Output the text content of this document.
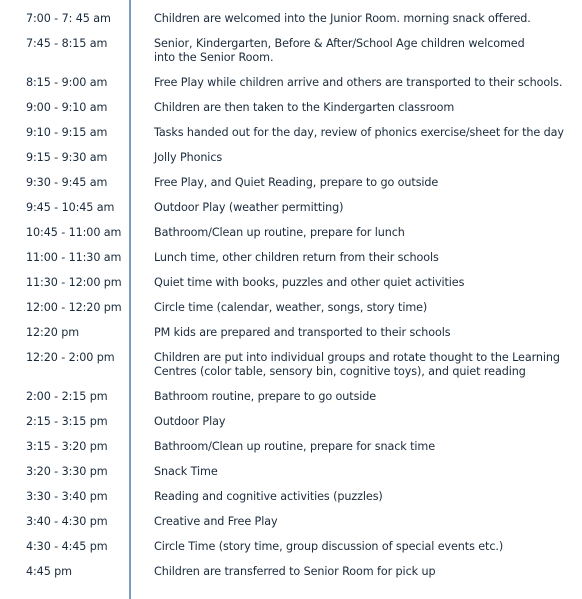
7:00 - 7: 45 am	Children are welcomed into the Junior Room. morning snack offered.
7:45 - 8:15 am	Senior, Kindergarten, Before & After/School Age children welcomed
into the Senior Room.
8:15 - 9:00 am	Free Play while children arrive and others are transported to their schools.
9:00 - 9:10 am	Children are then taken to the Kindergarten classroom
9:10 - 9:15 am	Tasks handed out for the day, review of phonics exercise/sheet for the day
9:15 - 9:30 am	Jolly Phonics
9:30 - 9:45 am	Free Play, and Quiet Reading, prepare to go outside
9:45 - 10:45 am	Outdoor Play (weather permitting)
10:45 - 11:00 am	Bathroom/Clean up routine, prepare for lunch
11:00 - 11:30 am	Lunch time, other children return from their schools
11:30 - 12:00 pm	Quiet time with books, puzzles and other quiet activities
12:00 - 12:20 pm	Circle time (calendar, weather, songs, story time)
12:20 pm	PM kids are prepared and transported to their schools
12:20 - 2:00 pm	Children are put into individual groups and rotate thought to the Learning
Centres (color table, sensory bin, cognitive toys), and quiet reading
2:00 - 2:15 pm	Bathroom routine, prepare to go outside
2:15 - 3:15 pm	Outdoor Play
3:15 - 3:20 pm	Bathroom/Clean up routine, prepare for snack time
3:20 - 3:30 pm	Snack Time
3:30 - 3:40 pm	Reading and cognitive activities (puzzles)
3:40 - 4:30 pm	Creative and Free Play
4:30 - 4:45 pm	Circle Time (story time, group discussion of special events etc.)
4:45 pm	Children are transferred to Senior Room for pick up
